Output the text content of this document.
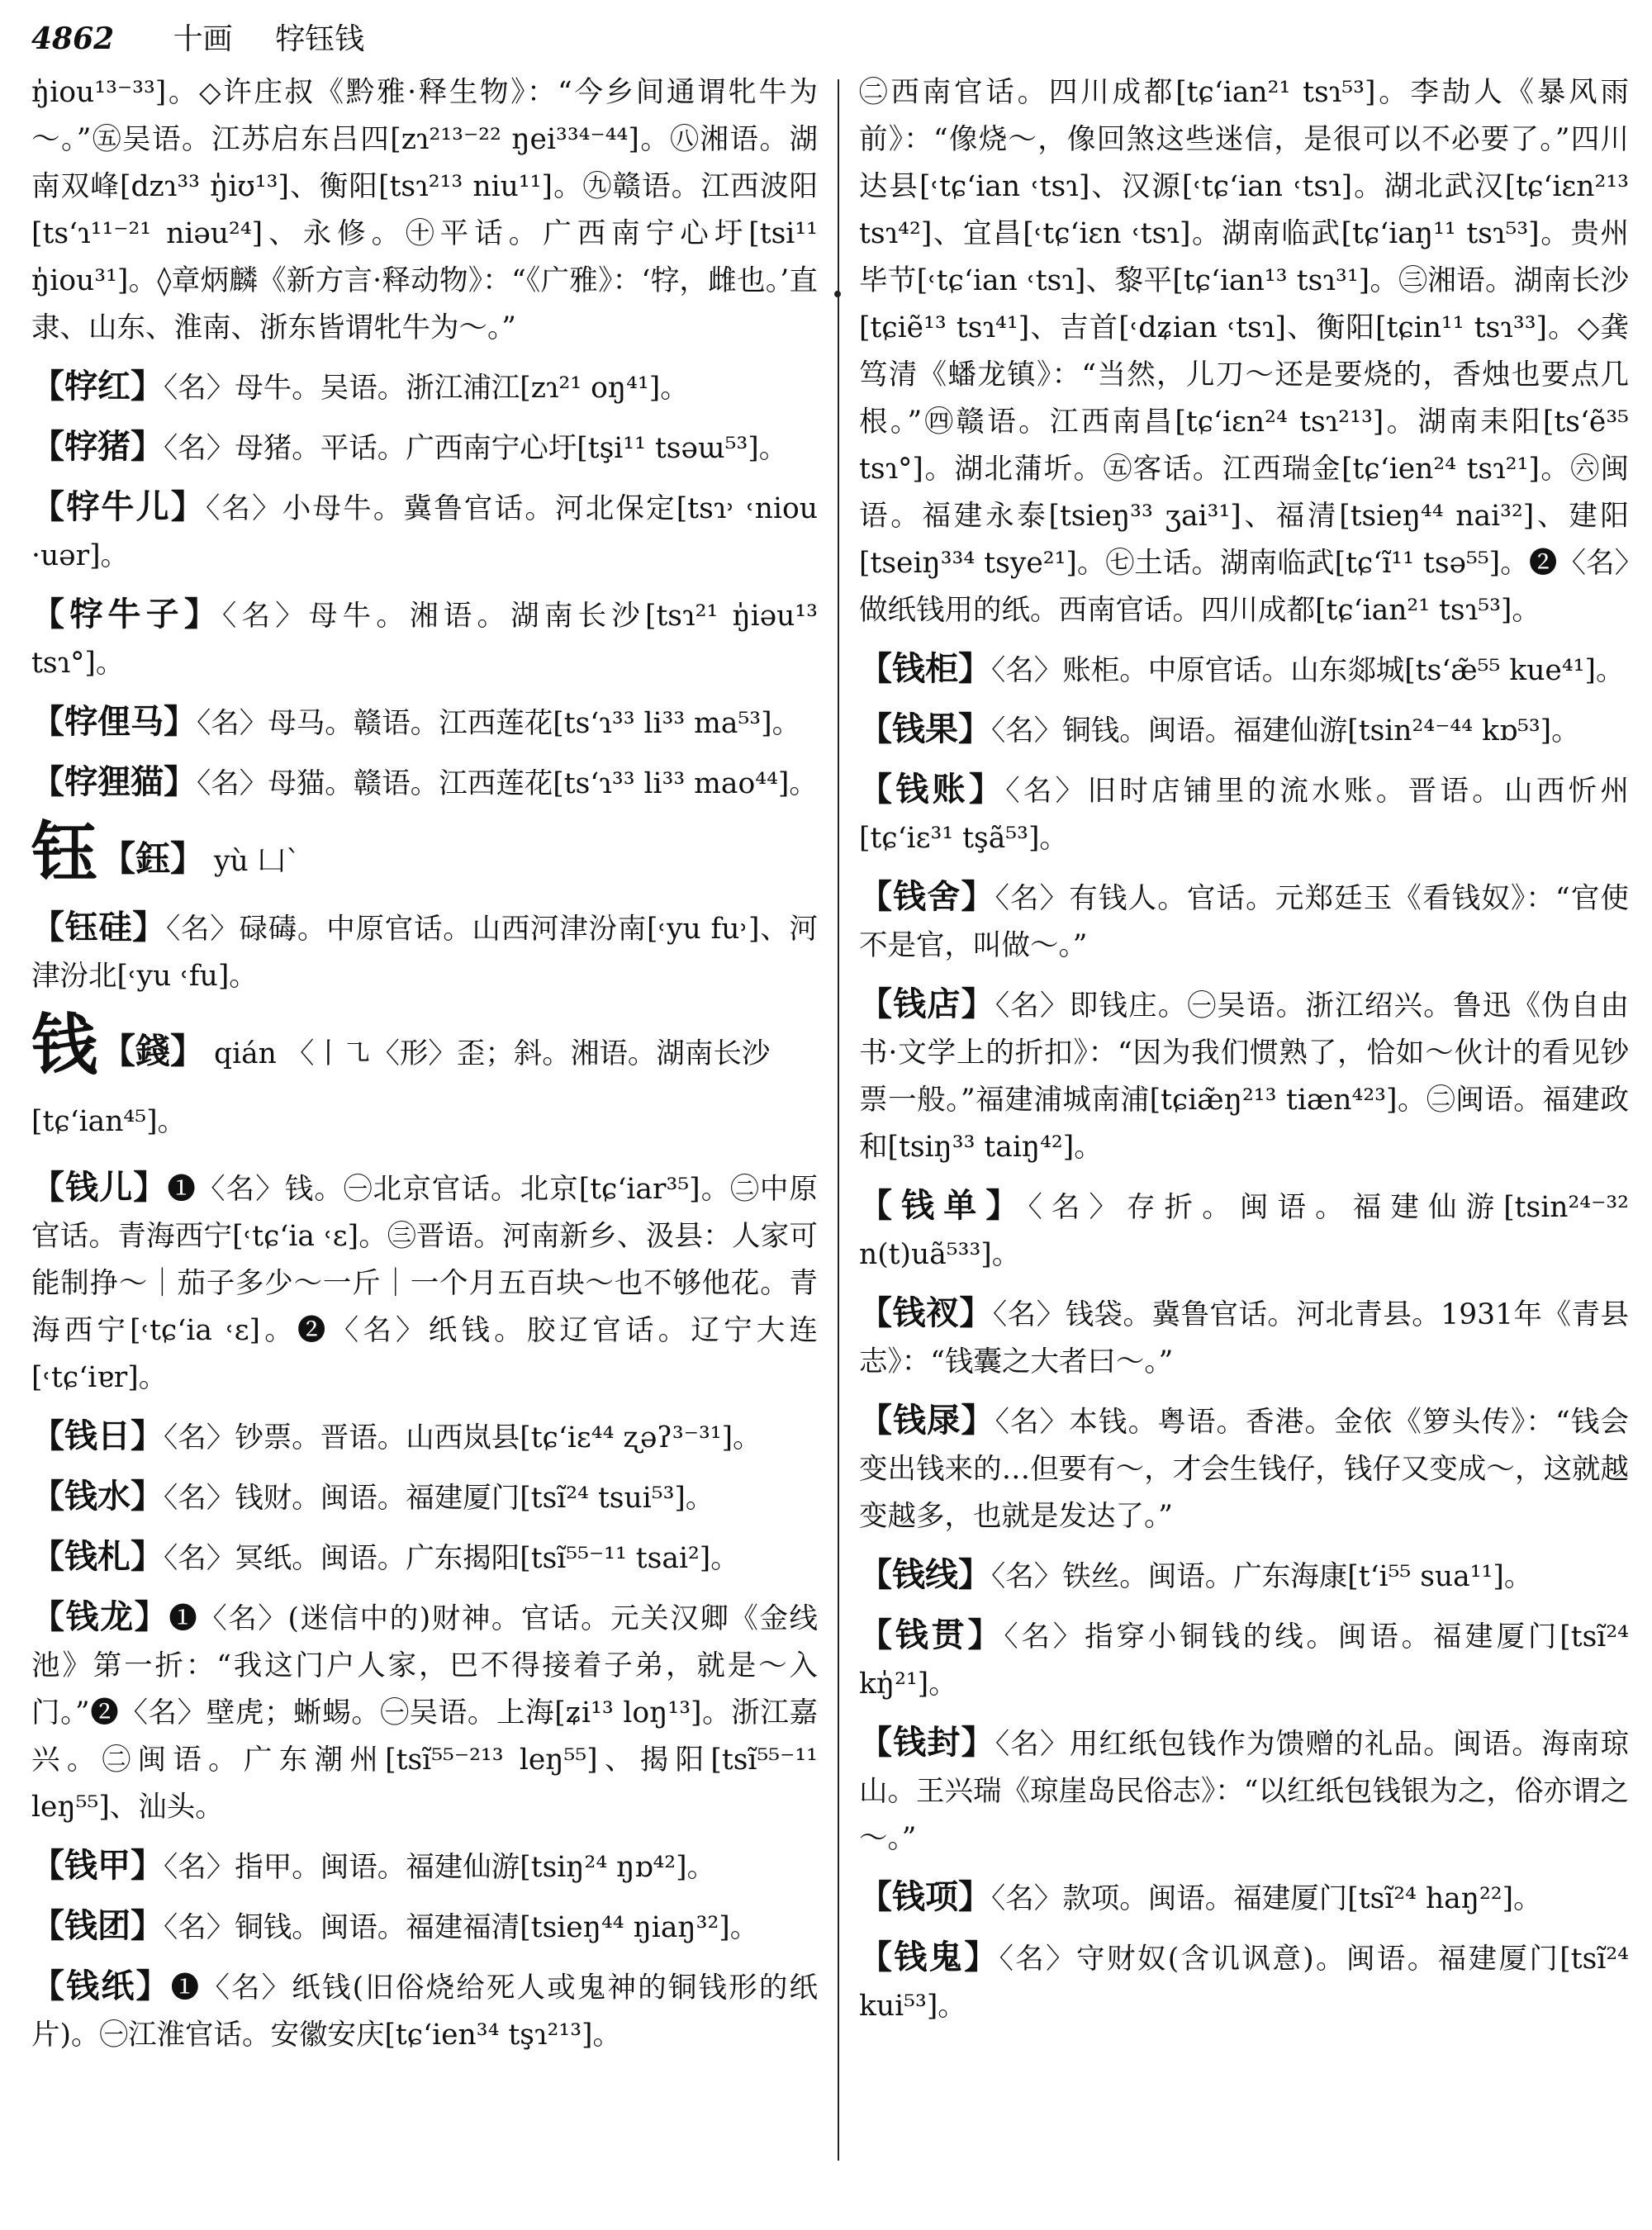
4862 十画 牸钰钱

ŋ̍iou¹³⁻³³]。◇许庄叔《黔雅·释生物》：“今乡间通谓牝牛为～。”㊄吴语。江苏启东吕四[zɿ²¹³⁻²² ŋei³³⁴⁻⁴⁴]。㊇湘语。湖南双峰[dzɿ³³ ŋ̍iʊ¹³]、衡阳[tsɿ²¹³ niu¹¹]。㊈赣语。江西波阳[ts‘ɿ¹¹⁻²¹ niəu²⁴]、永修。㊉平话。广西南宁心圩[tsi¹¹ ŋ̍iou³¹]。◊章炳麟《新方言·释动物》：“《广雅》：‘牸，雌也。’直隶、山东、淮南、浙东皆谓牝牛为～。”

【牸红】〈名〉母牛。吴语。浙江浦江[zɿ²¹ oŋ⁴¹]。

【牸猪】〈名〉母猪。平话。广西南宁心圩[tşi¹¹ tsəɯ⁵³]。

【牸牛儿】〈名〉小母牛。冀鲁官话。河北保定[tsɿ˒ ˓niou ·uər]。

【牸牛子】〈名〉母牛。湘语。湖南长沙[tsɿ²¹ ŋ̍iəu¹³ tsɿ°]。

【牸俚马】〈名〉母马。赣语。江西莲花[ts‘ɿ³³ li³³ ma⁵³]。

【牸狸猫】〈名〉母猫。赣语。江西莲花[ts‘ɿ³³ li³³ mao⁴⁴]。

钰【鈺】 yù 凵ˋ

【钰硅】〈名〉碌碡。中原官话。山西河津汾南[˓yu fu˒]、河津汾北[˓yu ˓fu]。

钱【錢】 qián 〈丨㇈〈形〉歪；斜。湘语。湖南长沙[tɕ‘ian⁴⁵]。

【钱儿】❶〈名〉钱。㊀北京官话。北京[tɕ‘iar³⁵]。㊁中原官话。青海西宁[˓tɕ‘ia ˓ɛ]。㊂晋语。河南新乡、汲县：人家可能制挣～｜茄子多少～一斤｜一个月五百块～也不够他花。青海西宁[˓tɕ‘ia ˓ɛ]。❷〈名〉纸钱。胶辽官话。辽宁大连[˓tɕ‘iɐr]。

【钱日】〈名〉钞票。晋语。山西岚县[tɕ‘iɛ⁴⁴ ʐəʔ³⁻³¹]。

【钱水】〈名〉钱财。闽语。福建厦门[tsĩ²⁴ tsui⁵³]。

【钱札】〈名〉冥纸。闽语。广东揭阳[tsĩ⁵⁵⁻¹¹ tsai²]。

【钱龙】❶〈名〉(迷信中的)财神。官话。元关汉卿《金线池》第一折：“我这门户人家，巴不得接着子弟，就是～入门。”❷〈名〉壁虎；蜥蜴。㊀吴语。上海[ʑi¹³ loŋ¹³]。浙江嘉兴。㊁闽语。广东潮州[tsĩ⁵⁵⁻²¹³ leŋ⁵⁵]、揭阳[tsĩ⁵⁵⁻¹¹ leŋ⁵⁵]、汕头。

【钱甲】〈名〉指甲。闽语。福建仙游[tsiŋ²⁴ ŋɒ⁴²]。

【钱团】〈名〉铜钱。闽语。福建福清[tsieŋ⁴⁴ ŋiaŋ³²]。

【钱纸】❶〈名〉纸钱(旧俗烧给死人或鬼神的铜钱形的纸片)。㊀江淮官话。安徽安庆[tɕ‘ien³⁴ tşɿ²¹³]。

㊁西南官话。四川成都[tɕ‘ian²¹ tsɿ⁵³]。李劼人《暴风雨前》：“像烧～，像回煞这些迷信，是很可以不必要了。”四川达县[˓tɕ‘ian ˓tsɿ]、汉源[˓tɕ‘ian ˓tsɿ]。湖北武汉[tɕ‘iɛn²¹³ tsɿ⁴²]、宜昌[˓tɕ‘iɛn ˓tsɿ]。湖南临武[tɕ‘iaŋ¹¹ tsɿ⁵³]。贵州毕节[˓tɕ‘ian ˓tsɿ]、黎平[tɕ‘ian¹³ tsɿ³¹]。㊂湘语。湖南长沙[tɕiẽ¹³ tsɿ⁴¹]、吉首[˓dʑian ˓tsɿ]、衡阳[tɕin¹¹ tsɿ³³]。◇龚笃清《蟠龙镇》：“当然，儿刀～还是要烧的，香烛也要点几根。”㊃赣语。江西南昌[tɕ‘iɛn²⁴ tsɿ²¹³]。湖南耒阳[ts‘ẽ³⁵ tsɿ°]。湖北蒲圻。㊄客话。江西瑞金[tɕ‘ien²⁴ tsɿ²¹]。㊅闽语。福建永泰[tsieŋ³³ ʒai³¹]、福清[tsieŋ⁴⁴ nai³²]、建阳[tseiŋ³³⁴ tsye²¹]。㊆土话。湖南临武[tɕ‘ĩ¹¹ tsə⁵⁵]。❷〈名〉做纸钱用的纸。西南官话。四川成都[tɕ‘ian²¹ tsɿ⁵³]。

【钱柜】〈名〉账柜。中原官话。山东郯城[ts‘æ̃⁵⁵ kue⁴¹]。

【钱果】〈名〉铜钱。闽语。福建仙游[tsin²⁴⁻⁴⁴ kɒ⁵³]。

【钱账】〈名〉旧时店铺里的流水账。晋语。山西忻州[tɕ‘iɛ³¹ tşã⁵³]。

【钱舍】〈名〉有钱人。官话。元郑廷玉《看钱奴》：“官使不是官，叫做～。”

【钱店】〈名〉即钱庄。㊀吴语。浙江绍兴。鲁迅《伪自由书·文学上的折扣》：“因为我们惯熟了，恰如～伙计的看见钞票一般。”福建浦城南浦[tɕiæ̃ŋ²¹³ tiæn⁴²³]。㊁闽语。福建政和[tsiŋ³³ taiŋ⁴²]。

【钱单】〈名〉存折。闽语。福建仙游[tsin²⁴⁻³² n(t)uã⁵³³]。

【钱衩】〈名〉钱袋。冀鲁官话。河北青县。1931年《青县志》：“钱囊之大者曰～。”

【钱㞗】〈名〉本钱。粤语。香港。金依《箩头传》：“钱会变出钱来的…但要有～，才会生钱仔，钱仔又变成～，这就越变越多，也就是发达了。”

【钱线】〈名〉铁丝。闽语。广东海康[t‘i⁵⁵ sua¹¹]。

【钱贯】〈名〉指穿小铜钱的线。闽语。福建厦门[tsĩ²⁴ kŋ̍²¹]。

【钱封】〈名〉用红纸包钱作为馈赠的礼品。闽语。海南琼山。王兴瑞《琼崖岛民俗志》：“以红纸包钱银为之，俗亦谓之～。”

【钱项】〈名〉款项。闽语。福建厦门[tsĩ²⁴ haŋ²²]。

【钱鬼】〈名〉守财奴(含讥讽意)。闽语。福建厦门[tsĩ²⁴ kui⁵³]。
